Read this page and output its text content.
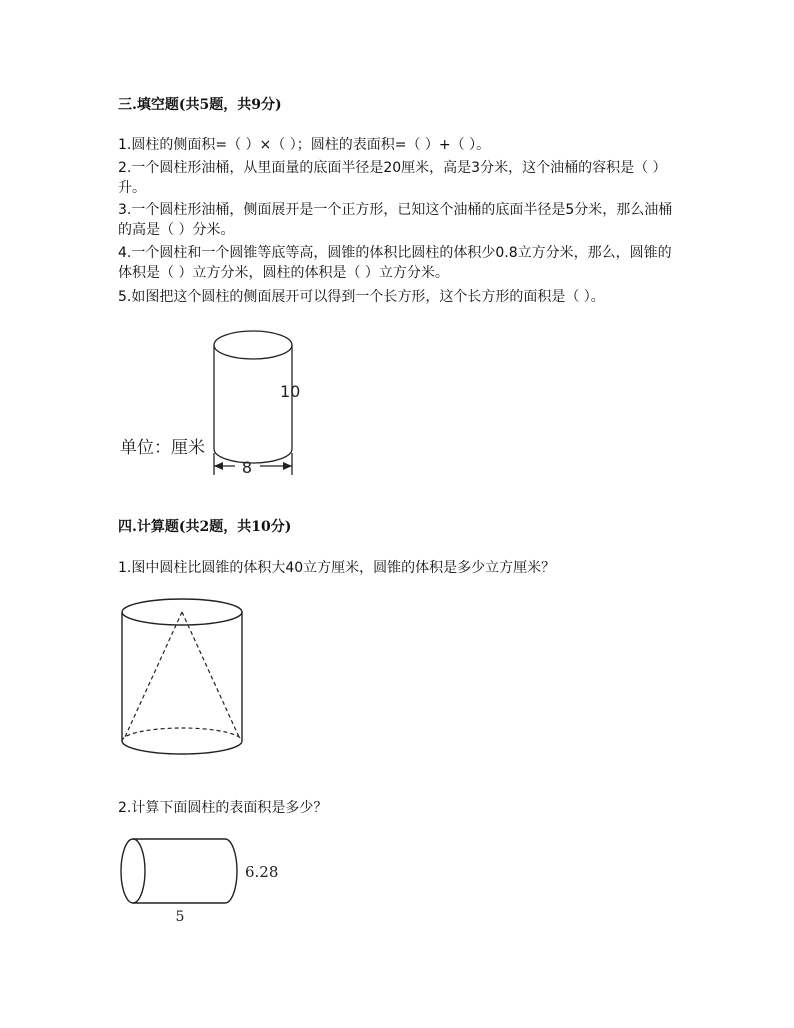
三.填空题(共5题，共9分)
1.圆柱的侧面积=（ ）×（ ）；圆柱的表面积=（ ）+（ ）。
2.一个圆柱形油桶，从里面量的底面半径是20厘米，高是3分米，这个油桶的容积是（ ）升。
3.一个圆柱形油桶，侧面展开是一个正方形，已知这个油桶的底面半径是5分米，那么油桶的高是（ ）分米。
4.一个圆柱和一个圆锥等底等高，圆锥的体积比圆柱的体积少0.8立方分米，那么，圆锥的体积是（ ）立方分米，圆柱的体积是（ ）立方分米。
5.如图把这个圆柱的侧面展开可以得到一个长方形，这个长方形的面积是（ ）。
8
10
单位：厘米
四.计算题(共2题，共10分)
1.图中圆柱比圆锥的体积大40立方厘米，圆锥的体积是多少立方厘米？
2.计算下面圆柱的表面积是多少？
6.28
5
